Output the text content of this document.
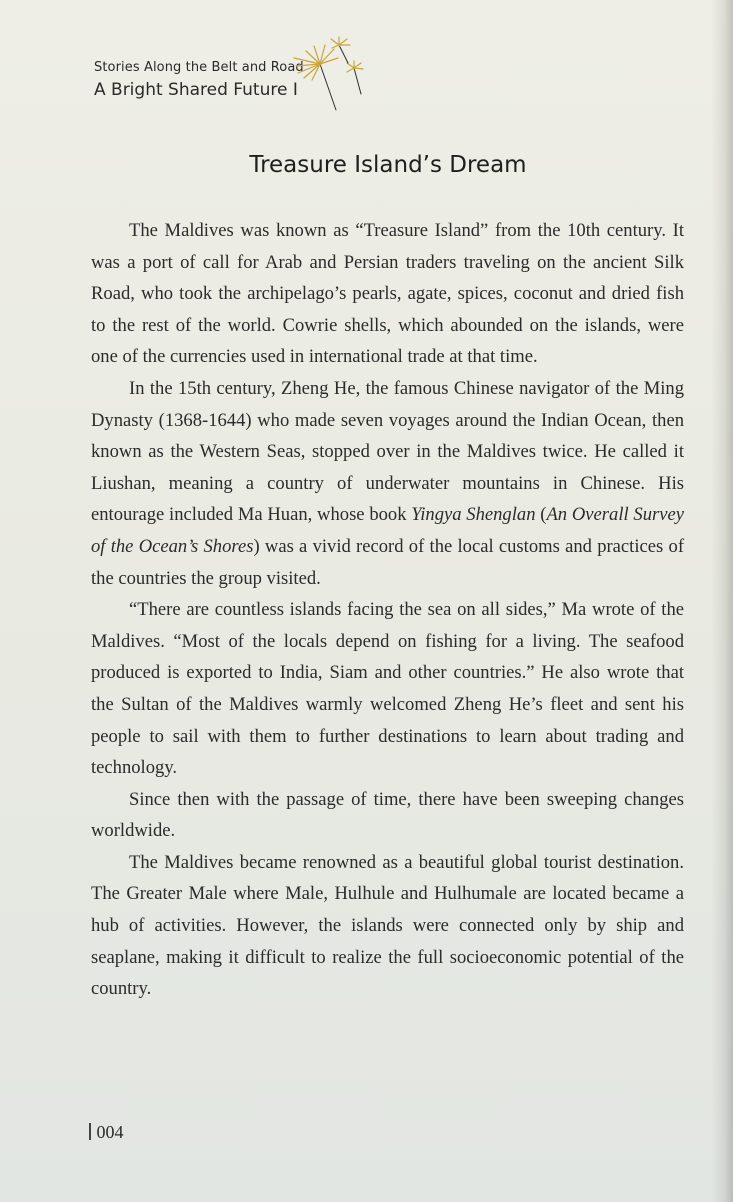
Stories Along the Belt and Road
A Bright Shared Future I
Treasure Island’s Dream

The Maldives was known as “Treasure Island” from the 10th century. It was a port of call for Arab and Persian traders traveling on the ancient Silk Road, who took the archipelago’s pearls, agate, spices, coconut and dried fish to the rest of the world. Cowrie shells, which abounded on the islands, were one of the currencies used in international trade at that time.

In the 15th century, Zheng He, the famous Chinese navigator of the Ming Dynasty (1368-1644) who made seven voyages around the Indian Ocean, then known as the Western Seas, stopped over in the Maldives twice. He called it Liushan, meaning a country of underwater mountains in Chinese. His entourage included Ma Huan, whose book Yingya Shenglan (An Overall Survey of the Ocean’s Shores) was a vivid record of the local customs and practices of the countries the group visited.

“There are countless islands facing the sea on all sides,” Ma wrote of the Maldives. “Most of the locals depend on fishing for a living. The seafood produced is exported to India, Siam and other countries.” He also wrote that the Sultan of the Maldives warmly welcomed Zheng He’s fleet and sent his people to sail with them to further destinations to learn about trading and technology.

Since then with the passage of time, there have been sweeping changes worldwide.

The Maldives became renowned as a beautiful global tourist destination. The Greater Male where Male, Hulhule and Hulhumale are located became a hub of activities. However, the islands were connected only by ship and seaplane, making it difficult to realize the full socioeconomic potential of the country.

004
